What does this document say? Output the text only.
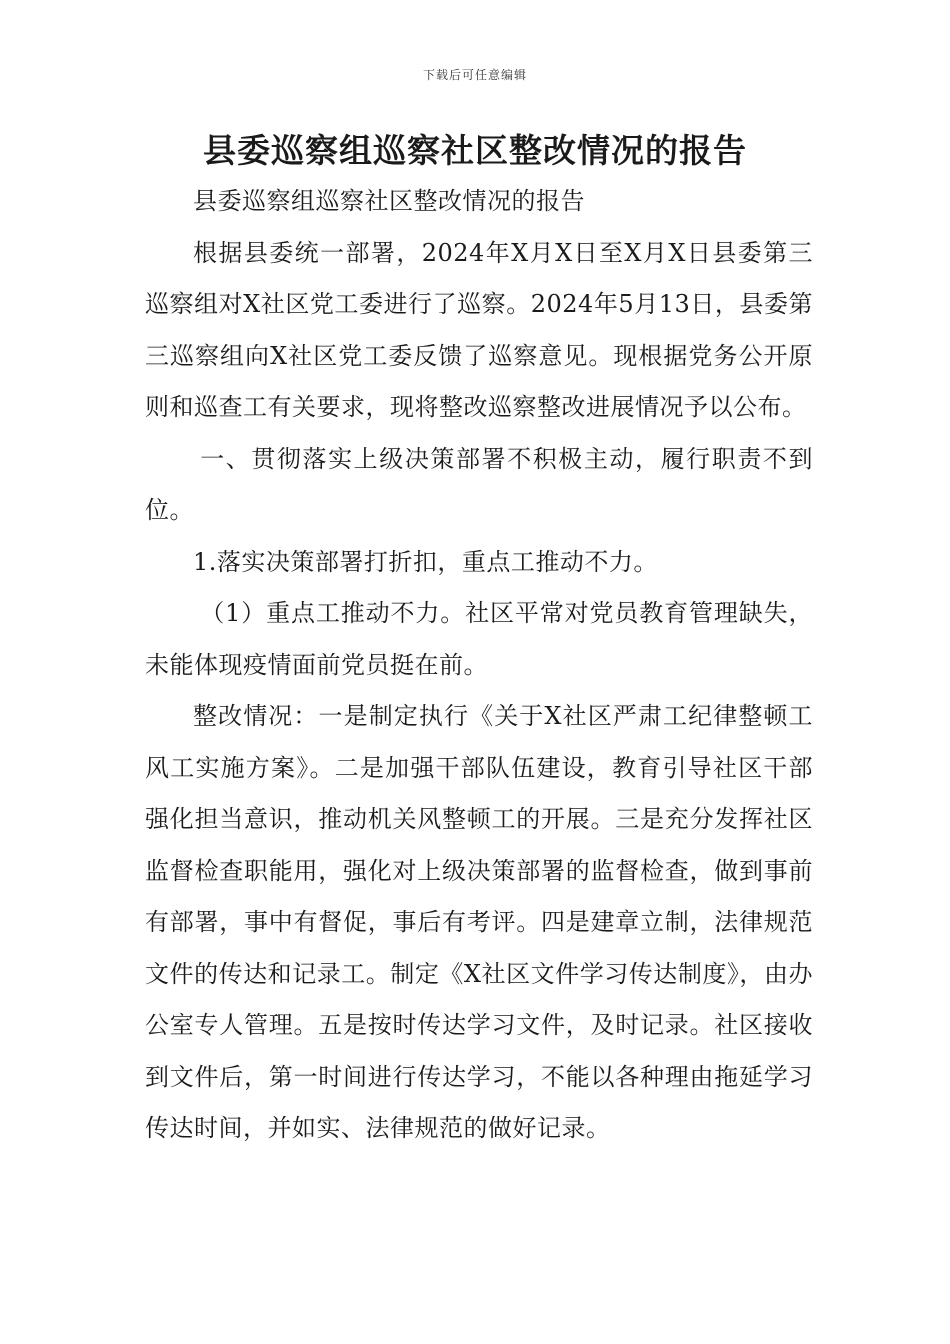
下载后可任意编辑
县委巡察组巡察社区整改情况的报告

县委巡察组巡察社区整改情况的报告

根据县委统一部署，2024年X月X日至X月X日县委第三巡察组对X社区党工委进行了巡察。2024年5月13日，县委第三巡察组向X社区党工委反馈了巡察意见。现根据党务公开原则和巡查工有关要求，现将整改巡察整改进展情况予以公布。

一、贯彻落实上级决策部署不积极主动，履行职责不到位。

1.落实决策部署打折扣，重点工推动不力。

（1）重点工推动不力。社区平常对党员教育管理缺失，未能体现疫情面前党员挺在前。

整改情况：一是制定执行《关于X社区严肃工纪律整顿工风工实施方案》。二是加强干部队伍建设，教育引导社区干部强化担当意识，推动机关风整顿工的开展。三是充分发挥社区监督检查职能用，强化对上级决策部署的监督检查，做到事前有部署，事中有督促，事后有考评。四是建章立制，法律规范文件的传达和记录工。制定《X社区文件学习传达制度》，由办公室专人管理。五是按时传达学习文件，及时记录。社区接收到文件后，第一时间进行传达学习，不能以各种理由拖延学习传达时间，并如实、法律规范的做好记录。
